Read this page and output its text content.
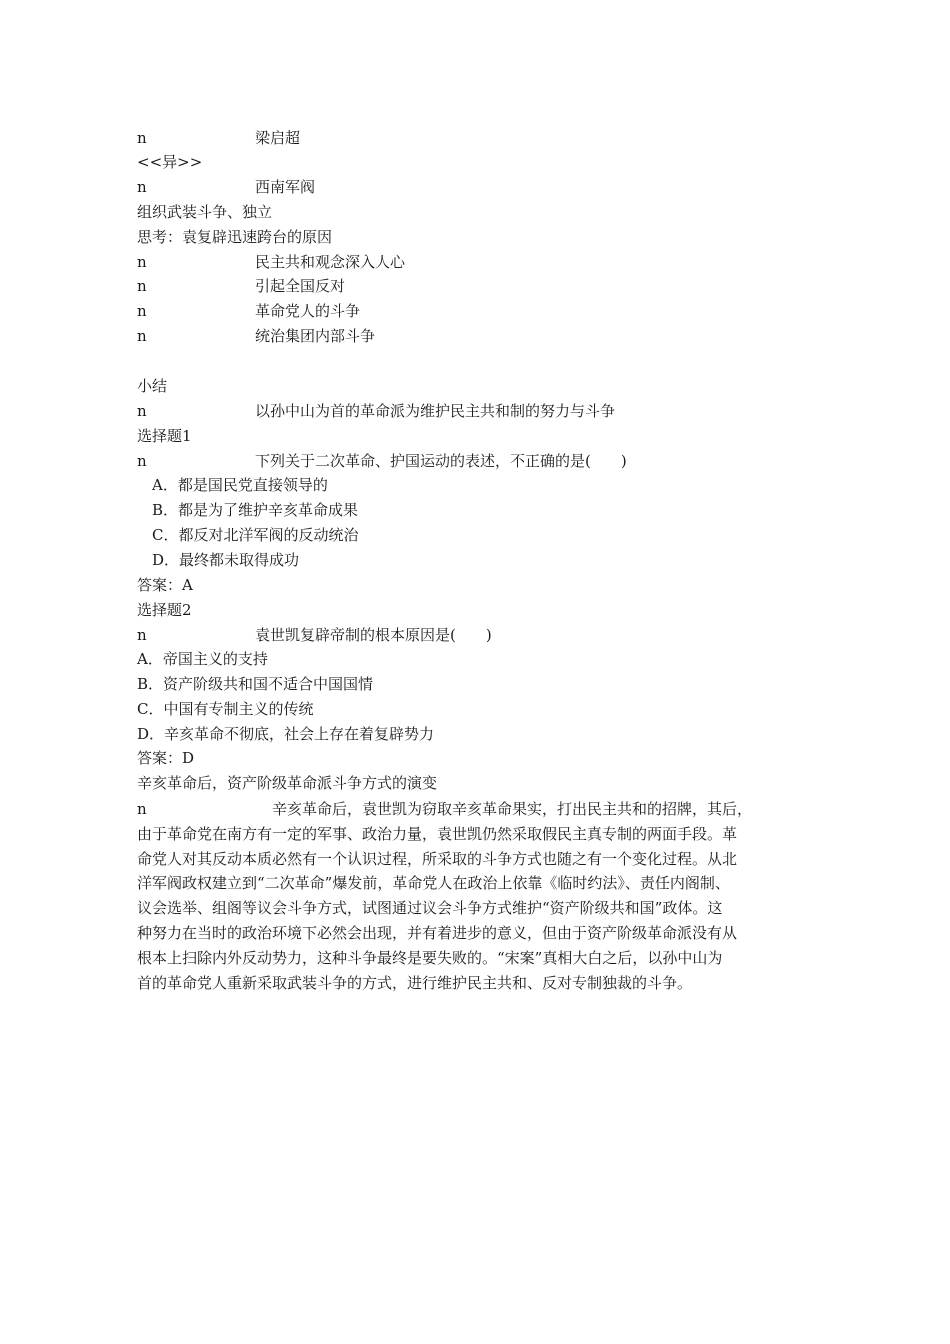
n	梁启超
<<异>>
n	西南军阀
组织武装斗争、独立
思考：袁复辟迅速跨台的原因
n	民主共和观念深入人心
n	引起全国反对
n	革命党人的斗争
n	统治集团内部斗争
小结
n	以孙中山为首的革命派为维护民主共和制的努力与斗争
选择题1
n	下列关于二次革命、护国运动的表述，不正确的是(　　)
A．都是国民党直接领导的
B．都是为了维护辛亥革命成果
C．都反对北洋军阀的反动统治
D．最终都未取得成功
答案：A
选择题2
n	袁世凯复辟帝制的根本原因是(　　)
A．帝国主义的支持
B．资产阶级共和国不适合中国国情
C．中国有专制主义的传统
D．辛亥革命不彻底，社会上存在着复辟势力
答案：D
辛亥革命后，资产阶级革命派斗争方式的演变
n	辛亥革命后，袁世凯为窃取辛亥革命果实，打出民主共和的招牌，其后，
由于革命党在南方有一定的军事、政治力量，袁世凯仍然采取假民主真专制的两面手段。革
命党人对其反动本质必然有一个认识过程，所采取的斗争方式也随之有一个变化过程。从北
洋军阀政权建立到“二次革命”爆发前，革命党人在政治上依靠《临时约法》、责任内阁制、
议会选举、组阁等议会斗争方式，试图通过议会斗争方式维护“资产阶级共和国”政体。这
种努力在当时的政治环境下必然会出现，并有着进步的意义，但由于资产阶级革命派没有从
根本上扫除内外反动势力，这种斗争最终是要失败的。“宋案”真相大白之后，以孙中山为
首的革命党人重新采取武装斗争的方式，进行维护民主共和、反对专制独裁的斗争。
